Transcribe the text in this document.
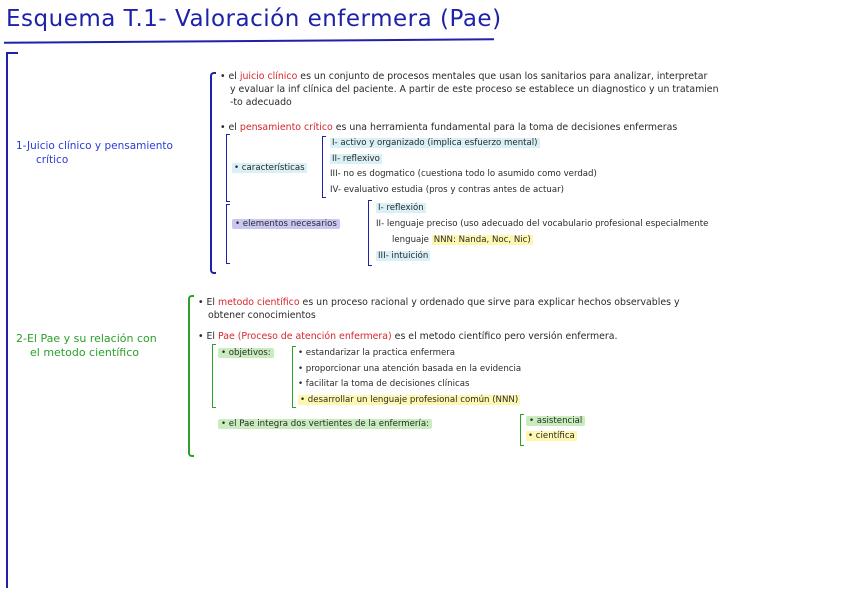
Esquema T.1- Valoración enfermera (Pae)
1-Juicio clínico y pensamiento
crítico
• el juicio clínico es un conjunto de procesos mentales que usan los sanitarios para analizar, interpretar
y evaluar la inf clínica del paciente. A partir de este proceso se establece un diagnostico y un tratamien
-to adecuado
• el pensamiento crítico es una herramienta fundamental para la toma de decisiones enfermeras
• características
I- activo y organizado (implica esfuerzo mental)
II- reflexivo
III- no es dogmatico (cuestiona todo lo asumido como verdad)
IV- evaluativo estudia (pros y contras antes de actuar)
• elementos necesarios
I- reflexión
II- lenguaje preciso (uso adecuado del vocabulario profesional especialmente
lenguaje NNN: Nanda, Noc, Nic)
III- intuición
2-El Pae y su relación con
el metodo científico
• El metodo científico es un proceso racional y ordenado que sirve para explicar hechos observables y
obtener conocimientos
• El Pae (Proceso de atención enfermera) es el metodo científico pero versión enfermera.
• objetivos:	• estandarizar la practica enfermera
• proporcionar una atención basada en la evidencia
• facilitar la toma de decisiones clínicas
• desarrollar un lenguaje profesional común (NNN)
• el Pae integra dos vertientes de la enfermería:	• asistencial
• científica
